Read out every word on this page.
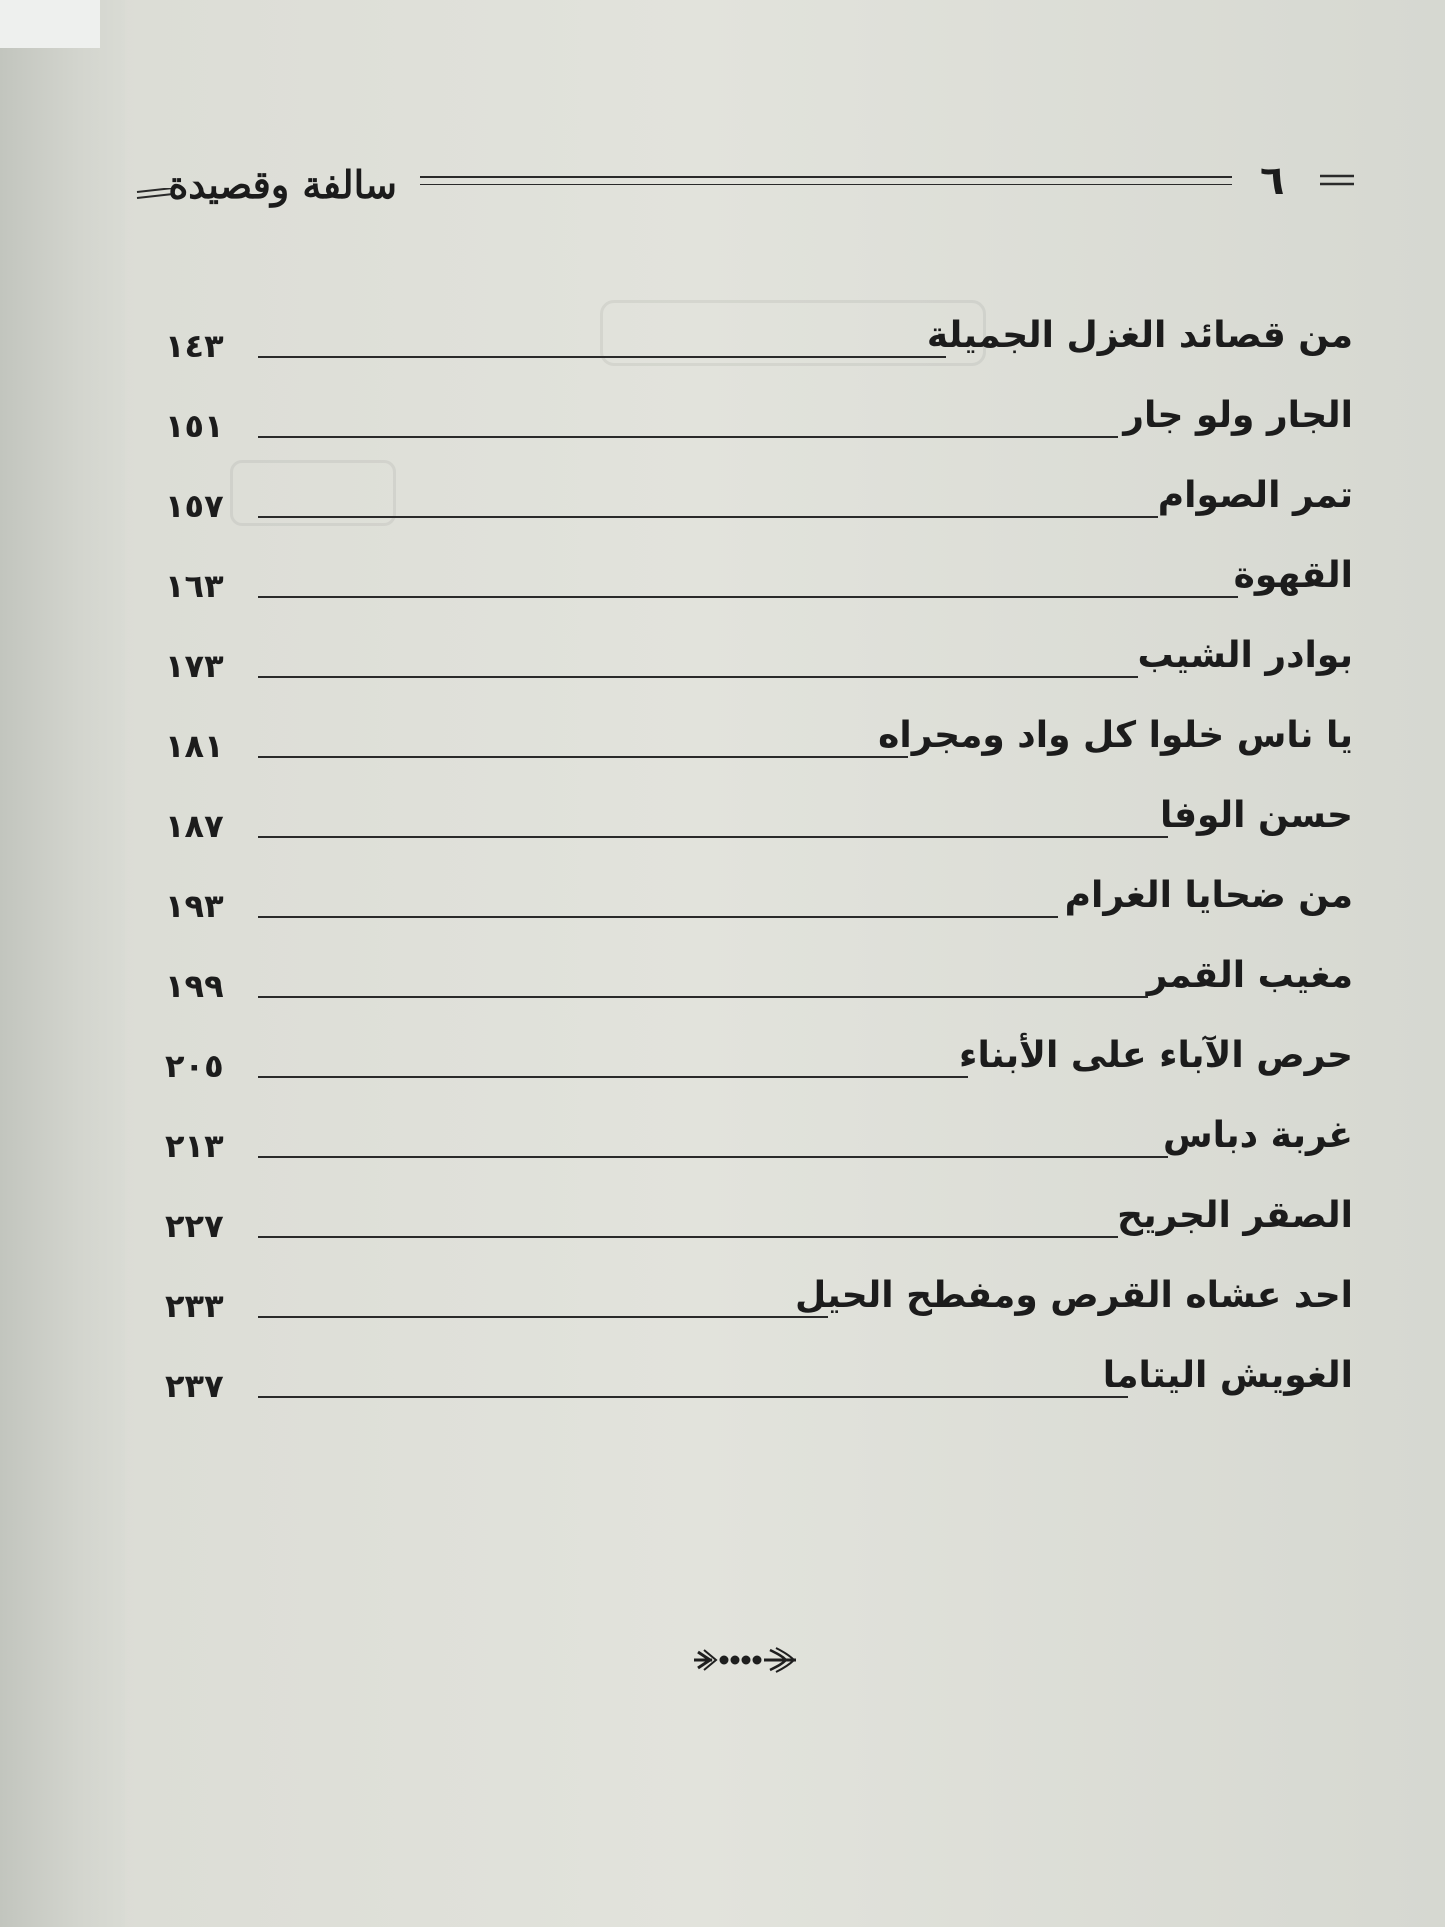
سالفة وقصيدة	٦
من قصائد الغزل الجميلة
١٤٣
الجار ولو جار
١٥١
تمر الصوام
١٥٧
القهوة
١٦٣
بوادر الشيب
١٧٣
يا ناس خلوا كل واد ومجراه
١٨١
حسن الوفا
١٨٧
من ضحايا الغرام
١٩٣
مغيب القمر
١٩٩
حرص الآباء على الأبناء
٢٠٥
غربة دباس
٢١٣
الصقر الجريح
٢٢٧
احد عشاه القرص ومفطح الحيل
٢٣٣
الغويش اليتاما
٢٣٧
